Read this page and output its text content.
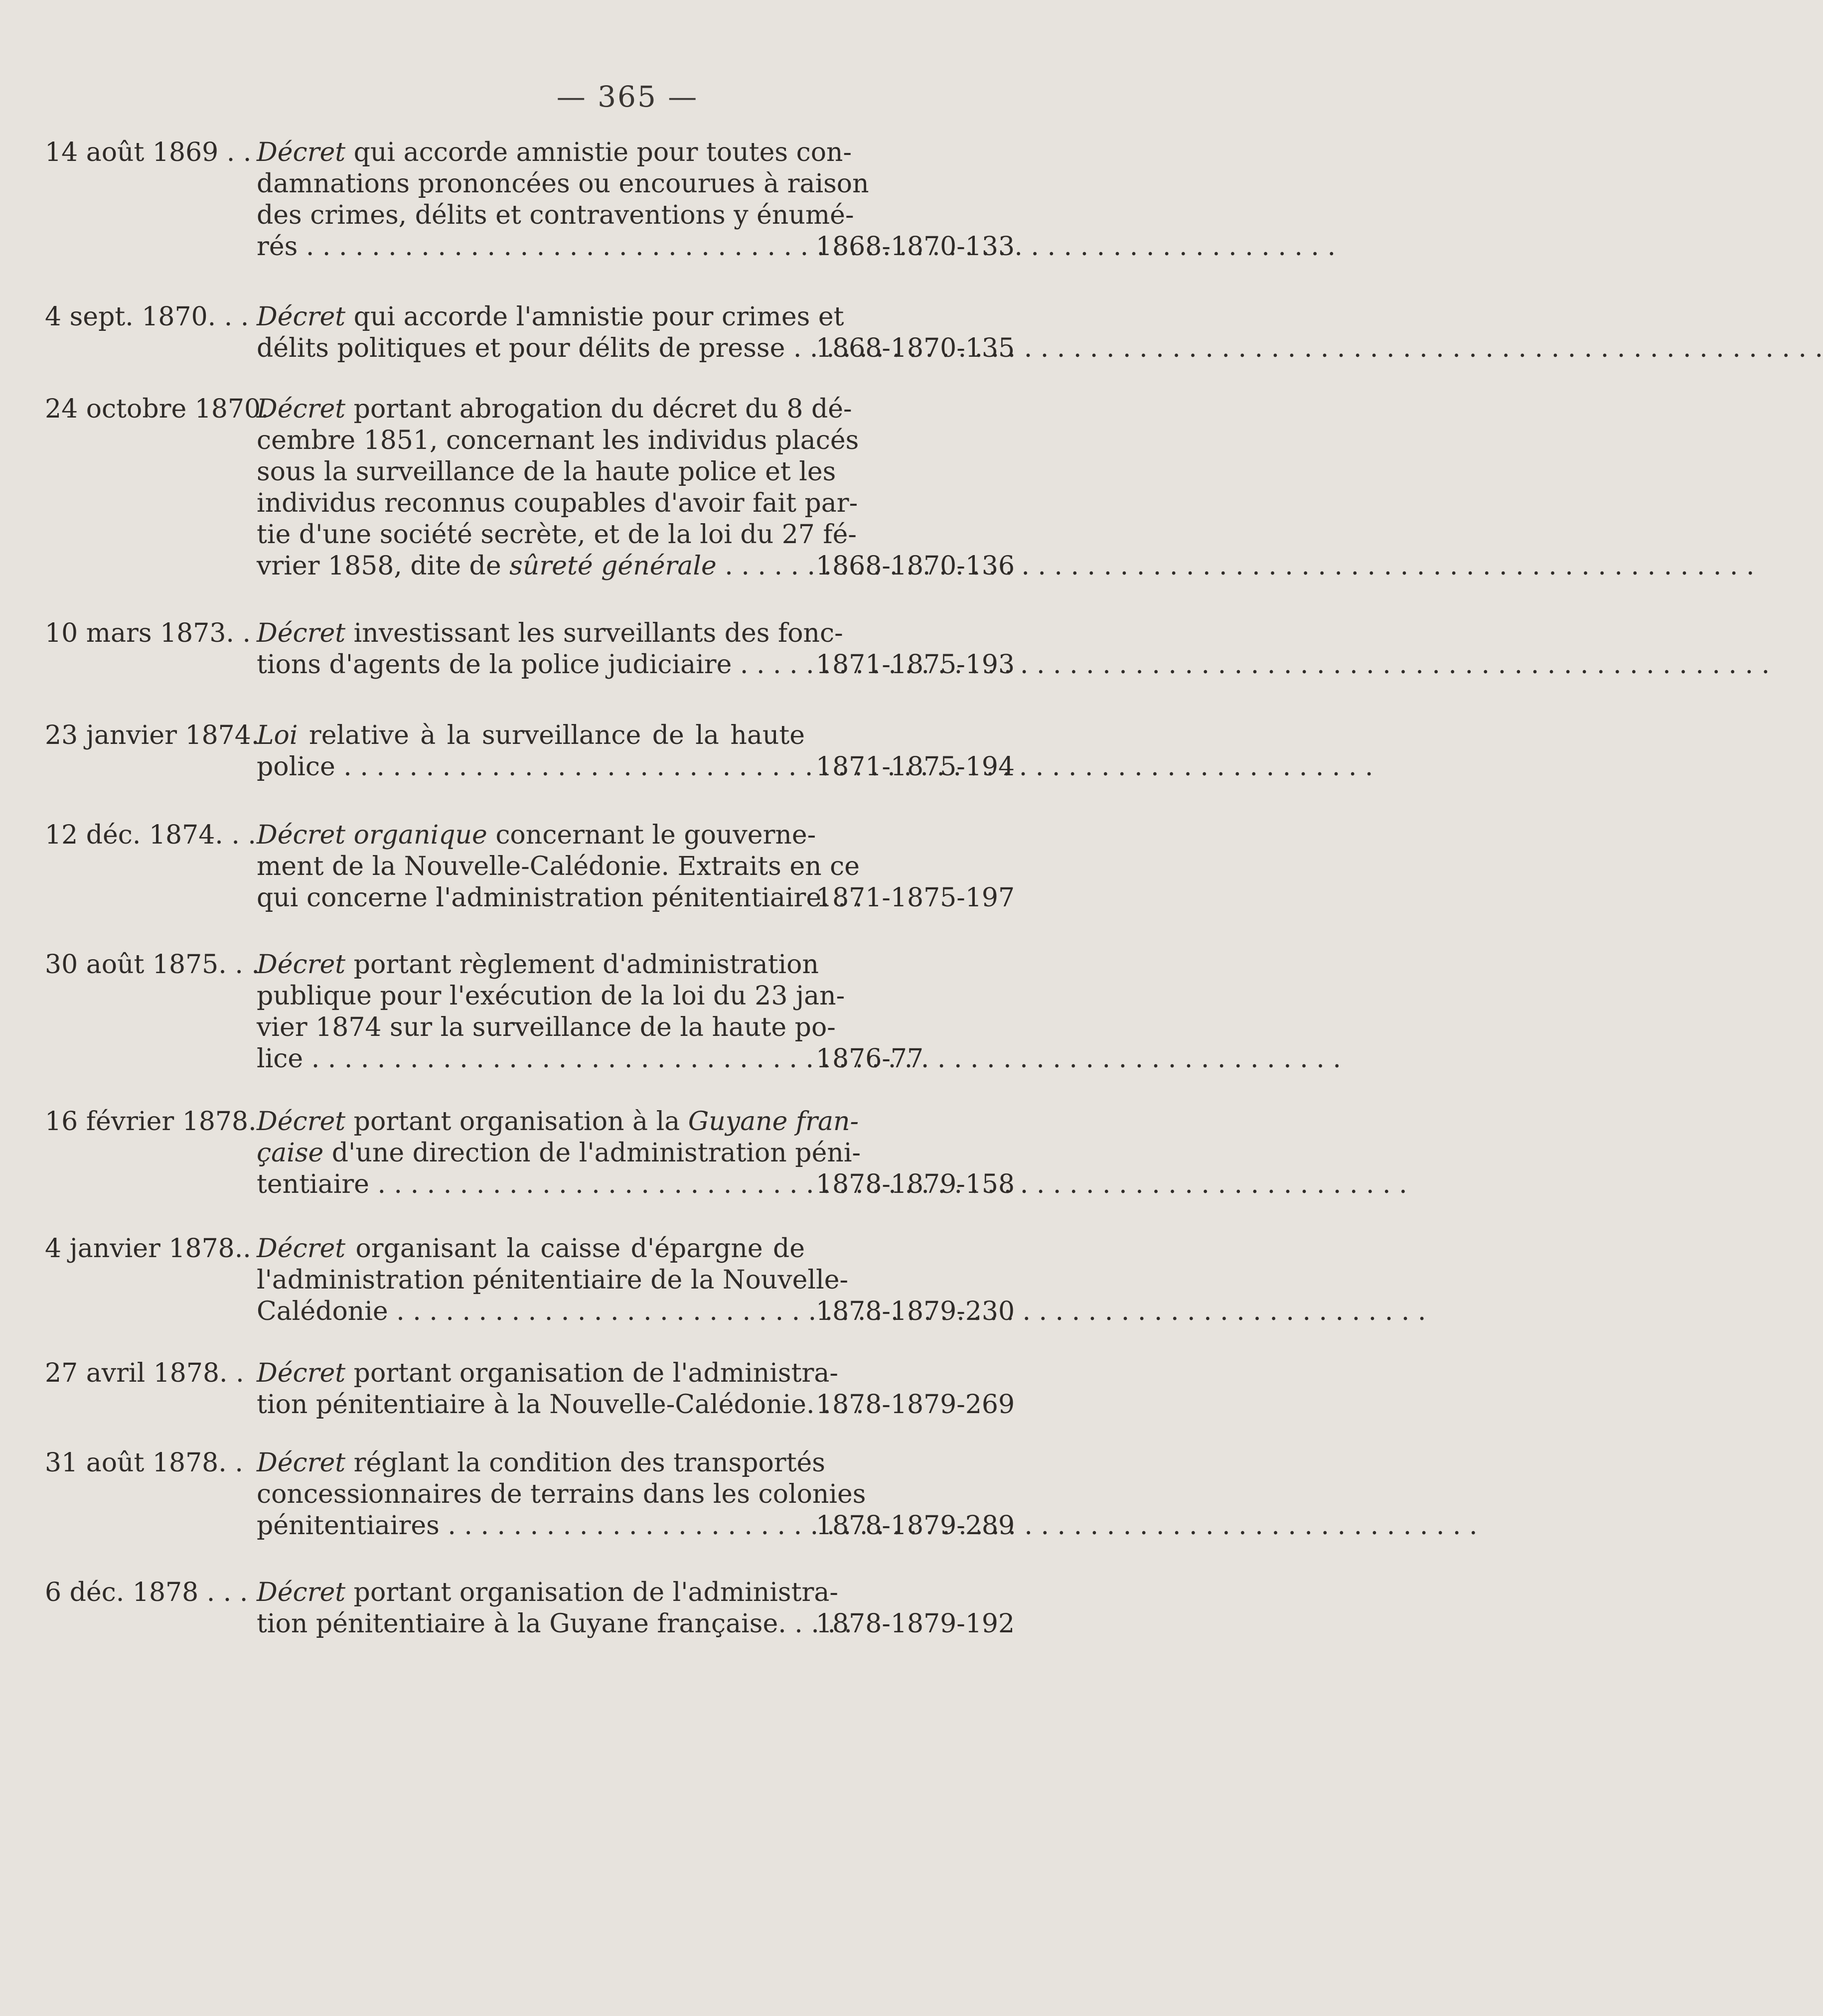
— 365 —
14 août 1869 . . Décret qui accorde amnistie pour toutes con-
damnations prononcées ou encourues à raison
des crimes, délits et contraventions y énumé-
rés . . .	1868-1870-133
4 sept. 1870. . . Décret qui accorde l'amnistie pour crimes et
délits politiques et pour délits de presse . . .	1868-1870-135
24 octobre 1870.
Décret portant abrogation du décret du 8 dé-
cembre 1851, concernant les individus placés
sous la surveillance de la haute police et les
individus reconnus coupables d'avoir fait par-
tie d'une société secrète, et de la loi du 27 fé-
vrier 1858, dite de sûreté générale . . .	1868-1870-136
10 mars 1873. . Décret investissant les surveillants des fonc-
tions d'agents de la police judiciaire . . .	1871-1875-193
23 janvier 1874.
Loi relative à la surveillance de la haute
police . . .	1871-1875-194
12 déc. 1874. . . Décret organique concernant le gouverne-
ment de la Nouvelle-Calédonie. Extraits en ce
qui concerne l'administration pénitentiaire. . .
1871-1875-197
30 août 1875. . .
Décret portant règlement d'administration
publique pour l'exécution de la loi du 23 jan-
vier 1874 sur la surveillance de la haute po-
lice . . .	1876-77
16 février 1878. Décret portant organisation à la Guyane fran-
çaise d'une direction de l'administration péni-
tentiaire . . .	1878-1879-158
4 janvier 1878.. Décret organisant la caisse d'épargne de
l'administration pénitentiaire de la Nouvelle-
Calédonie . . .	1878-1879-230
27 avril 1878. . Décret portant organisation de l'administra-
tion pénitentiaire à la Nouvelle-Calédonie. . . .
1878-1879-269
31 août 1878. . Décret réglant la condition des transportés
concessionnaires de terrains dans les colonies
pénitentiaires . . .	1878-1879-289
6 déc. 1878 . . . Décret portant organisation de l'administra-
tion pénitentiaire à la Guyane française. . . . .
1878-1879-192
